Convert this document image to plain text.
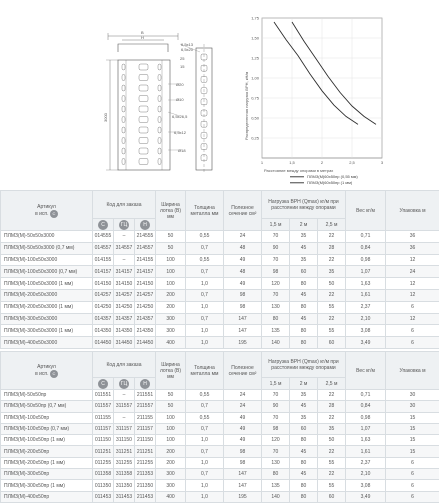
B
H
3000
6,5x13
6,5x20
25
15
Ø20
Ø10
6,5x26,5
6,5x12
Ø18
1,75
1,50
1,25
1,00
0,75
0,50
0,25
1	1,5	2	2,5	3
Распределенная нагрузка ВРН, кН/м
Расстояние между опорами в метрах
ПЛМЗ(М)60x50пр (0,55 мм)
ПЛМЗ(М)60x50пр (1 мм)
Артикул
в исп. С	Код для заказа			Ширина лотка (B) мм	Толщина металла мм	Полезное сечение см²	Нагрузка ВРН (Qmax) кг/м при расстоянии между опорами			Вес кг/м	Упаковка м
	С	ГЦ	Н				1,5 м	2 м	2,5 м		
ПЛМЗ(М)-50x50x3000	014555	–	214555	50	0,55	24	70	35	22	0,71	36
ПЛМЗ(М)-50x50x3000 (0,7 мм)	014557	314557	214557	50	0,7	48	90	45	28	0,84	36
ПЛМЗ(М)-100x50x3000	014155	–	214155	100	0,55	49	70	35	22	0,98	12
ПЛМЗ(М)-100x50x3000 (0,7 мм)	014157	314157	214157	100	0,7	48	98	60	35	1,07	24
ПЛМЗ(М)-100x50x3000 (1 мм)	014150	314150	214150	100	1,0	49	120	80	50	1,63	12
ПЛМЗ(М)-200x50x3000	014257	314257	214257	200	0,7	98	70	45	22	1,61	12
ПЛМЗ(М)-200x50x3000 (1 мм)	014250	314250	214250	200	1,0	98	130	80	55	2,37	6
ПЛМЗ(М)-300x50x3000	014357	314357	214357	300	0,7	147	80	45	22	2,10	12
ПЛМЗ(М)-300x50x3000 (1 мм)	014350	314350	214350	300	1,0	147	135	80	55	3,08	6
ПЛМЗ(М)-400x50x3000	014450	314450	214450	400	1,0	195	140	80	60	3,49	6
Артикул
в исп. С	Код для заказа			Ширина лотка (B) мм	Толщина металла мм	Полезное сечение см²	Нагрузка ВРН (Qmax) кг/м при расстоянии между опорами			Вес кг/м	Упаковка м
	С	ГЦ	Н				1,5 м	2 м	2,5 м		
ПЛМЗ(М)-50x50пр	011551	–	211551	50	0,55	24	70	35	22	0,71	30
ПЛМЗ(М)-50x50пр (0,7 мм)	011557	311557	211557	50	0,7	24	90	45	28	0,84	30
ПЛМЗ(М)-100x50пр	011155	–	211155	100	0,55	49	70	35	22	0,98	15
ПЛМЗ(М)-100x50пр (0,7 мм)	011157	311157	211157	100	0,7	49	98	60	35	1,07	15
ПЛМЗ(М)-100x50пр (1 мм)	011150	311150	211150	100	1,0	49	120	80	50	1,63	15
ПЛМЗ(М)-200x50пр	011251	311251	211251	200	0,7	98	70	45	22	1,61	15
ПЛМЗ(М)-200x50пр (1 мм)	011255	311255	211255	200	1,0	98	130	80	55	2,37	6
ПЛМЗ(М)-300x50пр	011358	311358	211353	300	0,7	147	80	45	22	2,10	6
ПЛМЗ(М)-300x50пр (1 мм)	011350	311350	211350	300	1,0	147	135	80	55	3,08	6
ПЛМЗ(М)-400x50пр	011453	311453	211453	400	1,0	195	140	80	60	3,49	6
